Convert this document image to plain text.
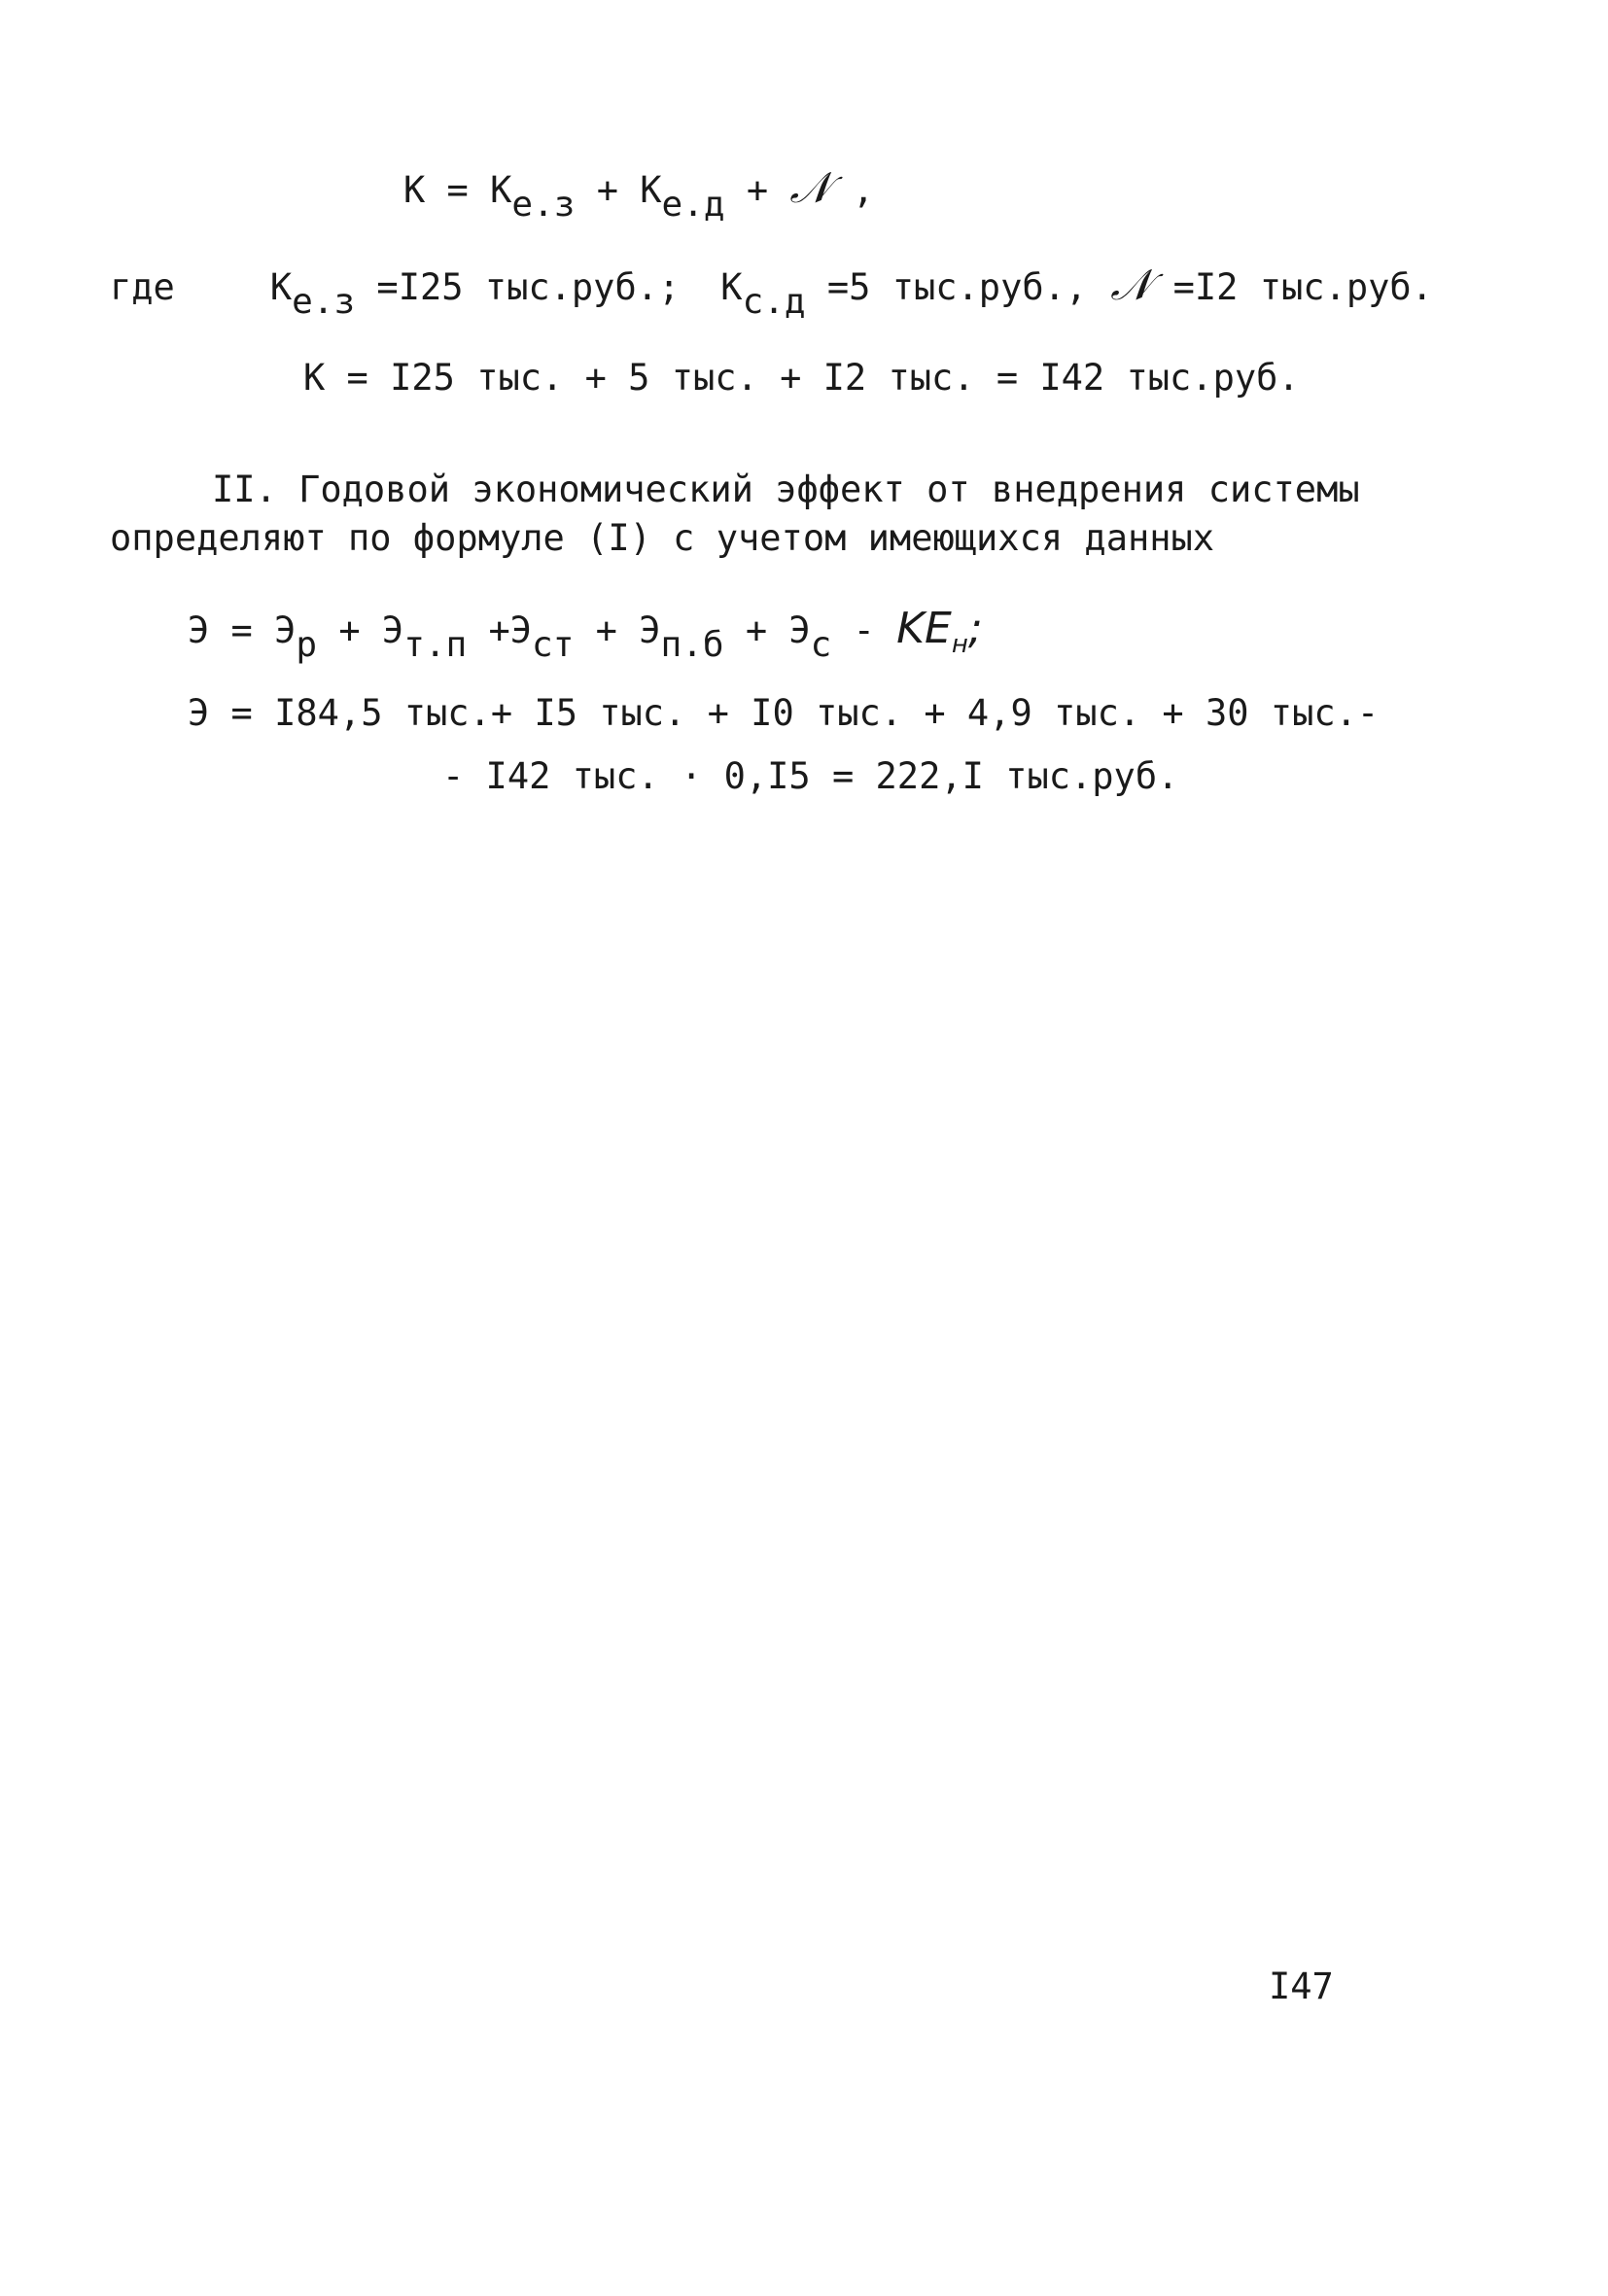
К = Ке.з + Ке.д + 𝒩 ,
где	Ке.з =I25 тыс.руб.; Кс.д =5 тыс.руб., 𝒩 =I2 тыс.руб.
К = I25 тыс. + 5 тыс. + I2 тыс. = I42 тыс.руб.
II. Годовой экономический эффект от внедрения системы
определяют по формуле (I) с учетом имеющихся данных
Э = Эр + Эт.п +Эст + Эп.б + Эс - $KE_н$;
Э = I84,5 тыс.+ I5 тыс. + I0 тыс. + 4,9 тыс. + 30 тыс.-
- I42 тыс. · 0,I5 = 222,I тыс.руб.
I47
